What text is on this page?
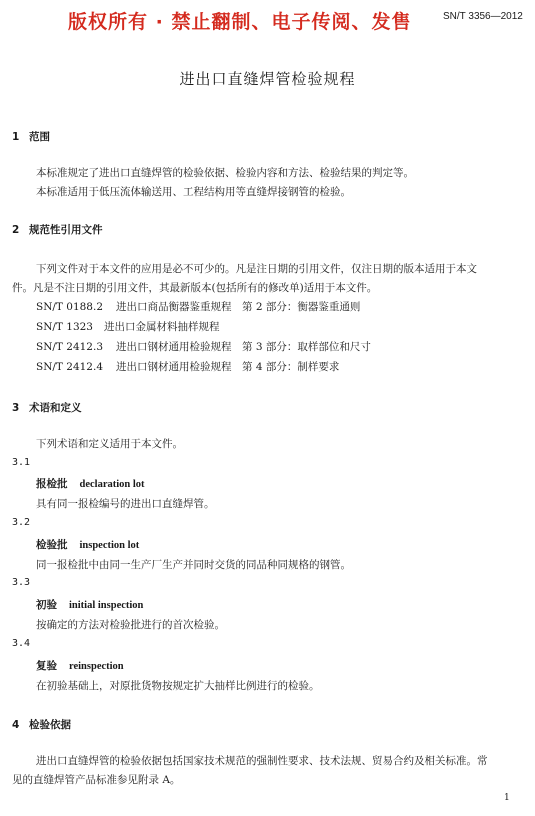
版权所有 · 禁止翻制、电子传阅、发售	SN/T 3356—2012
进出口直缝焊管检验规程
1 范围
本标准规定了进出口直缝焊管的检验依据、检验内容和方法、检验结果的判定等。
本标准适用于低压流体输送用、工程结构用等直缝焊接钢管的检验。
2 规范性引用文件
下列文件对于本文件的应用是必不可少的。凡是注日期的引用文件，仅注日期的版本适用于本文
件。凡是不注日期的引用文件，其最新版本(包括所有的修改单)适用于本文件。
SN/T 0188.2 进出口商品衡器鉴重规程　第 2 部分：衡器鉴重通则
SN/T 1323 进出口金属材料抽样规程
SN/T 2412.3 进出口钢材通用检验规程　第 3 部分：取样部位和尺寸
SN/T 2412.4 进出口钢材通用检验规程　第 4 部分：制样要求
3 术语和定义
下列术语和定义适用于本文件。
3.1
报检批 declaration lot
具有同一报检编号的进出口直缝焊管。
3.2
检验批 inspection lot
同一报检批中由同一生产厂生产并同时交货的同品种同规格的钢管。
3.3
初验 initial inspection
按确定的方法对检验批进行的首次检验。
3.4
复验 reinspection
在初验基础上，对原批货物按规定扩大抽样比例进行的检验。
4 检验依据
进出口直缝焊管的检验依据包括国家技术规范的强制性要求、技术法规、贸易合约及相关标准。常
见的直缝焊管产品标准参见附录 A。
1
